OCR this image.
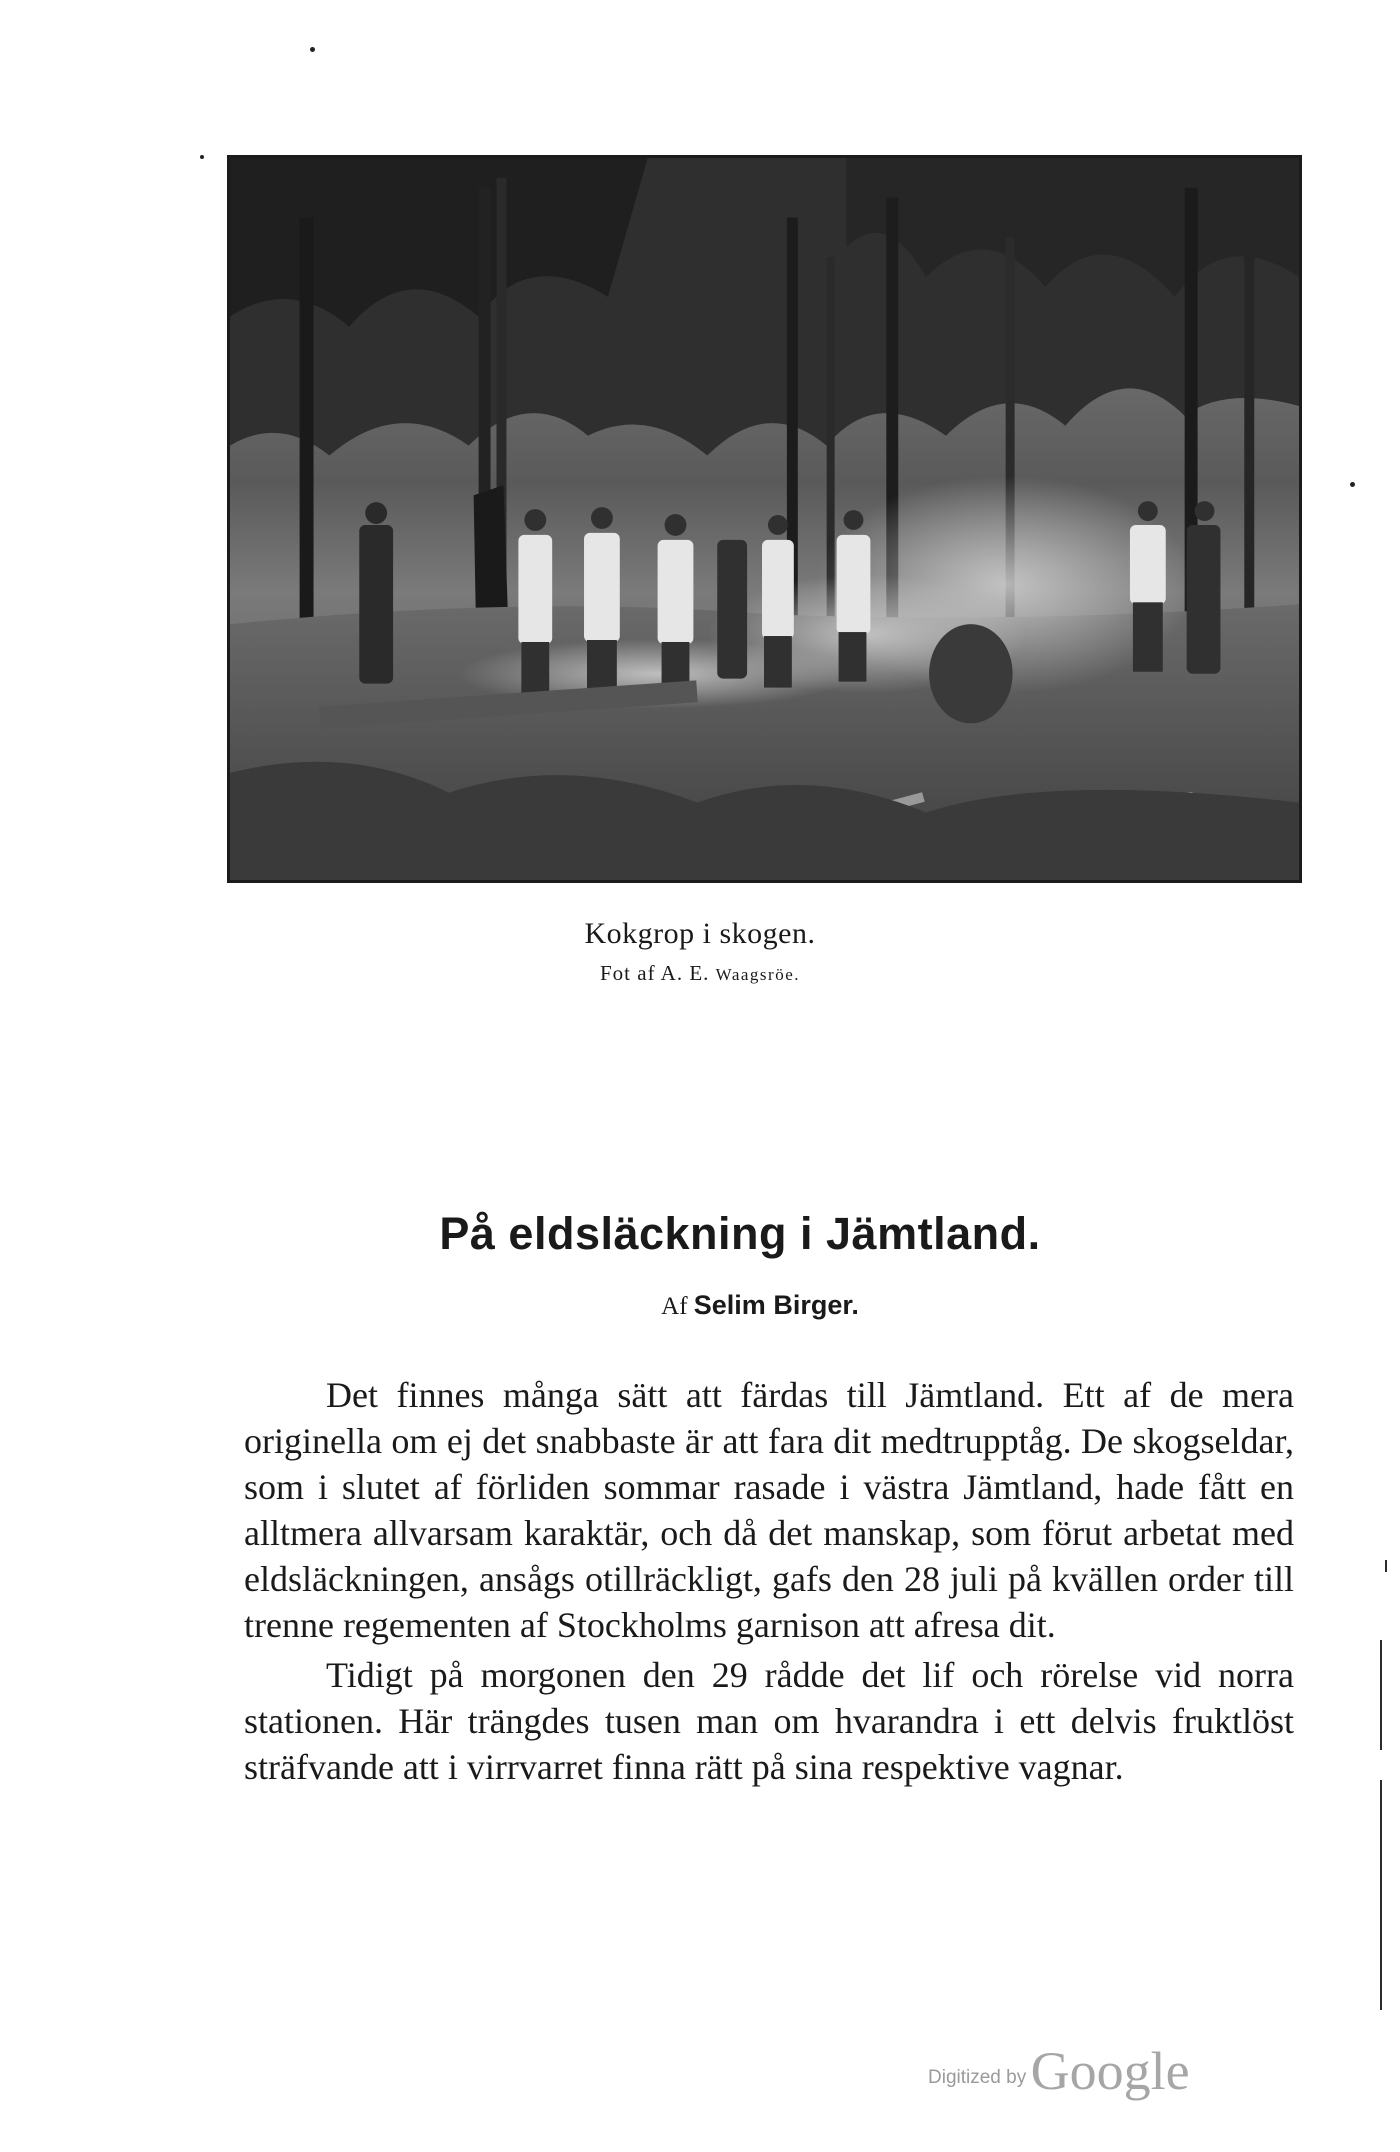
Kokgrop i skogen.
Fot af A. E. Waagsröe.
På eldsläckning i Jämtland.
Af Selim Birger.

Det finnes många sätt att färdas till Jämtland. Ett af de mera originella om ej det snabbaste är att fara dit medtrupptåg. De skogseldar, som i slutet af förliden sommar rasade i västra Jämtland, hade fått en alltmera allvarsam karaktär, och då det manskap, som förut arbetat med eldsläckningen, ansågs otillräckligt, gafs den 28 juli på kvällen order till trenne regementen af Stockholms garnison att afresa dit.

Tidigt på morgonen den 29 rådde det lif och rörelse vid norra stationen. Här trängdes tusen man om hvarandra i ett delvis fruktlöst sträfvande att i virrvarret finna rätt på sina respektive vagnar.

Digitized by Google
